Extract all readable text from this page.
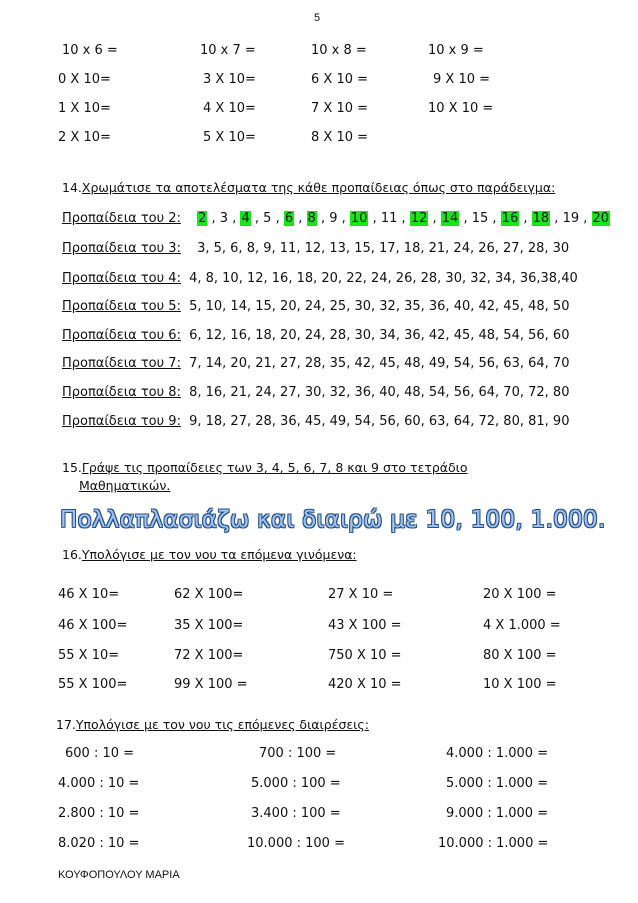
5
10 x 6 =	10 x 7 =	10 x 8 =	10 x 9 =
0 X 10=	3 X 10=	6 X 10 =	9 X 10 =
1 X 10=	4 X 10=	7 X 10 =	10 X 10 =
2 X 10=	5 X 10=	8 X 10 =
14.Χρωμάτισε τα αποτελέσματα της κάθε προπαίδειας όπως στο παράδειγμα:
Προπαίδεια του 2: 2 , 3 , 4 , 5 , 6 , 8 , 9 , 10 , 11 , 12 , 14 , 15 , 16 , 18 , 19 , 20
Προπαίδεια του 3: 3, 5, 6, 8, 9, 11, 12, 13, 15, 17, 18, 21, 24, 26, 27, 28, 30
Προπαίδεια του 4: 4, 8, 10, 12, 16, 18, 20, 22, 24, 26, 28, 30, 32, 34, 36,38,40
Προπαίδεια του 5: 5, 10, 14, 15, 20, 24, 25, 30, 32, 35, 36, 40, 42, 45, 48, 50
Προπαίδεια του 6: 6, 12, 16, 18, 20, 24, 28, 30, 34, 36, 42, 45, 48, 54, 56, 60
Προπαίδεια του 7: 7, 14, 20, 21, 27, 28, 35, 42, 45, 48, 49, 54, 56, 63, 64, 70
Προπαίδεια του 8: 8, 16, 21, 24, 27, 30, 32, 36, 40, 48, 54, 56, 64, 70, 72, 80
Προπαίδεια του 9: 9, 18, 27, 28, 36, 45, 49, 54, 56, 60, 63, 64, 72, 80, 81, 90
15.Γράψε τις προπαίδειες των 3, 4, 5, 6, 7, 8 και 9 στο τετράδιο
Μαθηματικών.
Πολλαπλασιάζω και διαιρώ με 10, 100, 1.000.
16.Υπολόγισε με τον νου τα επόμενα γινόμενα:
46 X 10=	62 X 100=	27 X 10 =	20 X 100 =
46 X 100=	35 X 100=	43 X 100 =	4 X 1.000 =
55 X 10=	72 X 100=	750 X 10 =	80 X 100 =
55 X 100=	99 X 100 =	420 X 10 =	10 X 100 =
17.Υπολόγισε με τον νου τις επόμενες διαιρέσεις:
600 : 10 =	700 : 100 =	4.000 : 1.000 =
4.000 : 10 =	5.000 : 100 =	5.000 : 1.000 =
2.800 : 10 =	3.400 : 100 =	9.000 : 1.000 =
8.020 : 10 =	10.000 : 100 =	10.000 : 1.000 =
ΚΟΥΦΟΠΟΥΛΟΥ ΜΑΡΙΑ
